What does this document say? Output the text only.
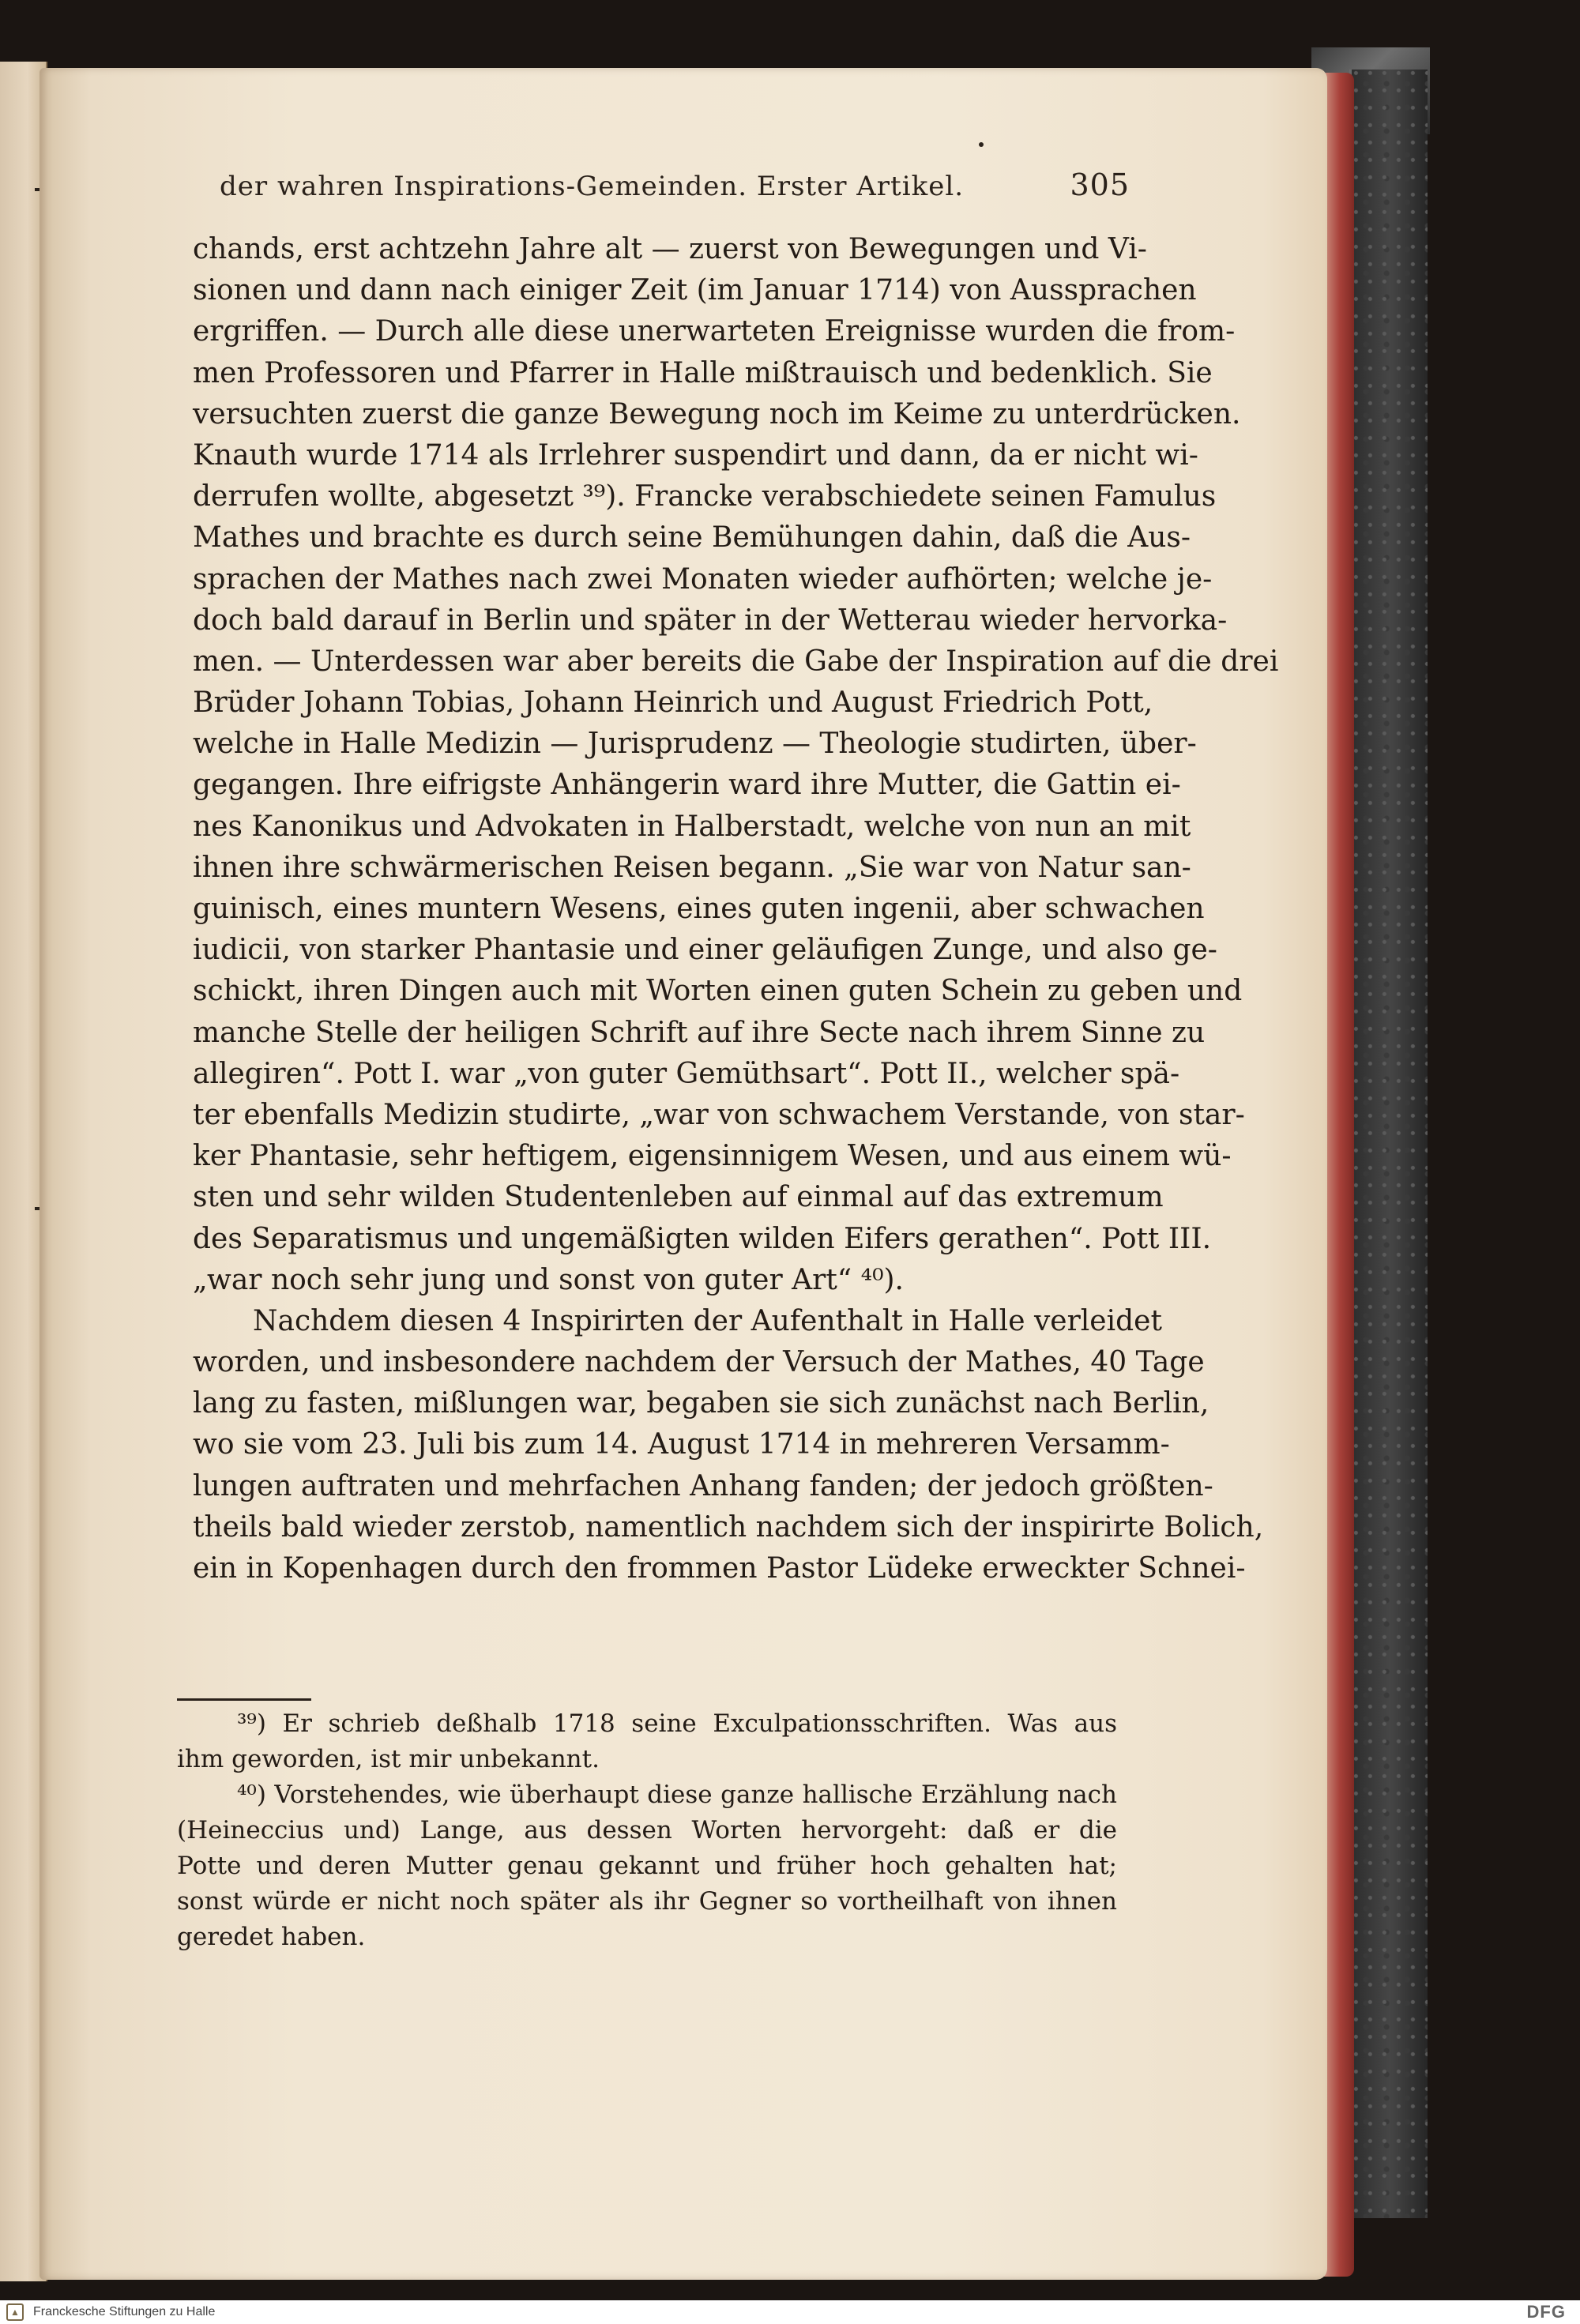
der wahren Inspirations-Gemeinden. Erster Artikel.	305
chands, erst achtzehn Jahre alt — zuerst von Bewegungen und Vi-
sionen und dann nach einiger Zeit (im Januar 1714) von Aussprachen
ergriffen. — Durch alle diese unerwarteten Ereignisse wurden die from-
men Professoren und Pfarrer in Halle mißtrauisch und bedenklich. Sie
versuchten zuerst die ganze Bewegung noch im Keime zu unterdrücken.
Knauth wurde 1714 als Irrlehrer suspendirt und dann, da er nicht wi-
derrufen wollte, abgesetzt ³⁹). Francke verabschiedete seinen Famulus
Mathes und brachte es durch seine Bemühungen dahin, daß die Aus-
sprachen der Mathes nach zwei Monaten wieder aufhörten; welche je-
doch bald darauf in Berlin und später in der Wetterau wieder hervorka-
men. — Unterdessen war aber bereits die Gabe der Inspiration auf die drei
Brüder Johann Tobias, Johann Heinrich und August Friedrich Pott,
welche in Halle Medizin — Jurisprudenz — Theologie studirten, über-
gegangen. Ihre eifrigste Anhängerin ward ihre Mutter, die Gattin ei-
nes Kanonikus und Advokaten in Halberstadt, welche von nun an mit
ihnen ihre schwärmerischen Reisen begann. „Sie war von Natur san-
guinisch, eines muntern Wesens, eines guten ingenii, aber schwachen
iudicii, von starker Phantasie und einer geläufigen Zunge, und also ge-
schickt, ihren Dingen auch mit Worten einen guten Schein zu geben und
manche Stelle der heiligen Schrift auf ihre Secte nach ihrem Sinne zu
allegiren“. Pott I. war „von guter Gemüthsart“. Pott II., welcher spä-
ter ebenfalls Medizin studirte, „war von schwachem Verstande, von star-
ker Phantasie, sehr heftigem, eigensinnigem Wesen, und aus einem wü-
sten und sehr wilden Studentenleben auf einmal auf das extremum
des Separatismus und ungemäßigten wilden Eifers gerathen“. Pott III.
„war noch sehr jung und sonst von guter Art“ ⁴⁰).
Nachdem diesen 4 Inspirirten der Aufenthalt in Halle verleidet
worden, und insbesondere nachdem der Versuch der Mathes, 40 Tage
lang zu fasten, mißlungen war, begaben sie sich zunächst nach Berlin,
wo sie vom 23. Juli bis zum 14. August 1714 in mehreren Versamm-
lungen auftraten und mehrfachen Anhang fanden; der jedoch größten-
theils bald wieder zerstob, namentlich nachdem sich der inspirirte Bolich,
ein in Kopenhagen durch den frommen Pastor Lüdeke erweckter Schnei-
³⁹) Er schrieb deßhalb 1718 seine Exculpationsschriften. Was aus
ihm geworden, ist mir unbekannt.
⁴⁰) Vorstehendes, wie überhaupt diese ganze hallische Erzählung nach
(Heineccius und) Lange, aus dessen Worten hervorgeht: daß er die
Potte und deren Mutter genau gekannt und früher hoch gehalten hat;
sonst würde er nicht noch später als ihr Gegner so vortheilhaft von ihnen
geredet haben.
▲	Franckesche Stiftungen zu Halle	DFG
